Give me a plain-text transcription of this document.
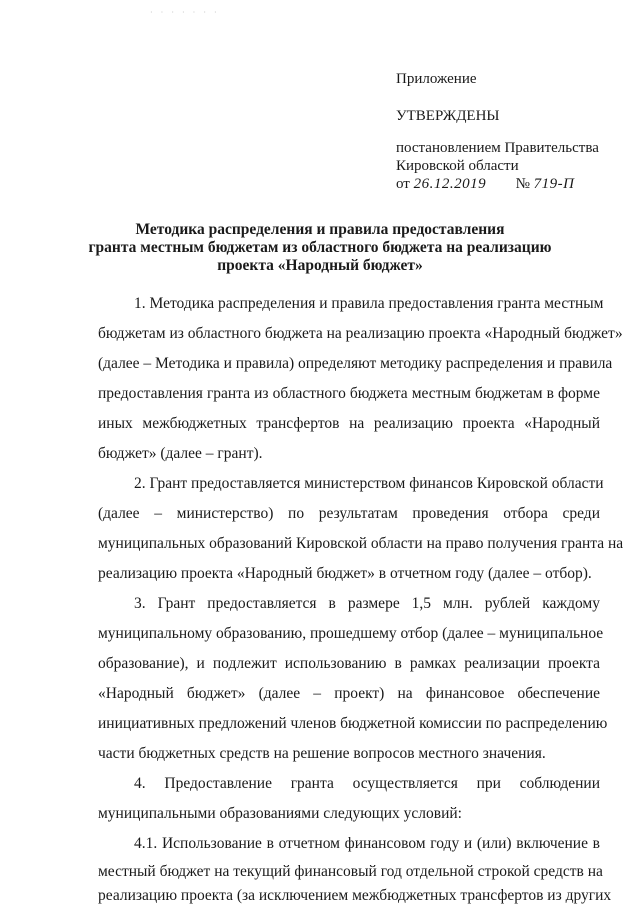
· · · · · · ·
Приложение
УТВЕРЖДЕНЫ
постановлением Правительства
Кировской области
от 26.12.2019 № 719-П
Методика распределения и правила предоставления
гранта местным бюджетам из областного бюджета на реализацию
проекта «Народный бюджет»
1. Методика распределения и правила предоставления гранта местным
бюджетам из областного бюджета на реализацию проекта «Народный бюджет»
(далее – Методика и правила) определяют методику распределения и правила
предоставления гранта из областного бюджета местным бюджетам в форме
иных межбюджетных трансфертов на реализацию проекта «Народный
бюджет» (далее – грант).
2. Грант предоставляется министерством финансов Кировской области
(далее – министерство) по результатам проведения отбора среди
муниципальных образований Кировской области на право получения гранта на
реализацию проекта «Народный бюджет» в отчетном году (далее – отбор).
3. Грант предоставляется в размере 1,5 млн. рублей каждому
муниципальному образованию, прошедшему отбор (далее – муниципальное
образование), и подлежит использованию в рамках реализации проекта
«Народный бюджет» (далее – проект) на финансовое обеспечение
инициативных предложений членов бюджетной комиссии по распределению
части бюджетных средств на решение вопросов местного значения.
4. Предоставление гранта осуществляется при соблюдении
муниципальными образованиями следующих условий:
4.1. Использование в отчетном финансовом году и (или) включение в
местный бюджет на текущий финансовый год отдельной строкой средств на
реализацию проекта (за исключением межбюджетных трансфертов из других
